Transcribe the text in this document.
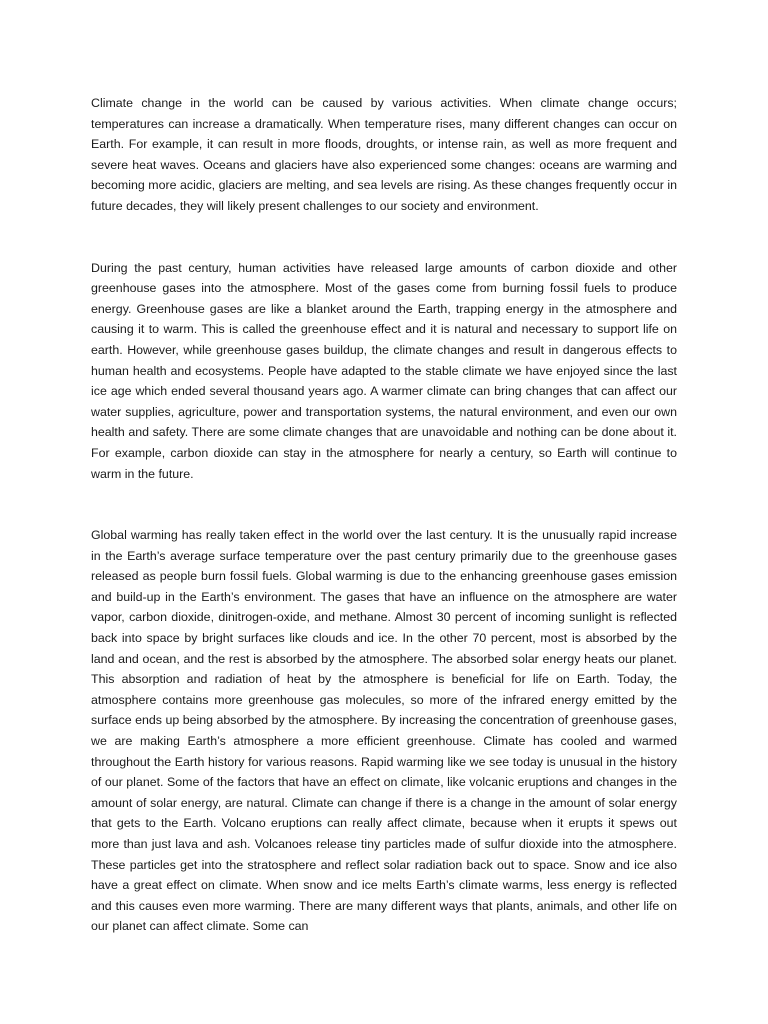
Climate change in the world can be caused by various activities. When climate change occurs; temperatures can increase a dramatically. When temperature rises, many different changes can occur on Earth. For example, it can result in more floods, droughts, or intense rain, as well as more frequent and severe heat waves. Oceans and glaciers have also experienced some changes: oceans are warming and becoming more acidic, glaciers are melting, and sea levels are rising. As these changes frequently occur in future decades, they will likely present challenges to our society and environment.

During the past century, human activities have released large amounts of carbon dioxide and other greenhouse gases into the atmosphere. Most of the gases come from burning fossil fuels to produce energy. Greenhouse gases are like a blanket around the Earth, trapping energy in the atmosphere and causing it to warm. This is called the greenhouse effect and it is natural and necessary to support life on earth. However, while greenhouse gases buildup, the climate changes and result in dangerous effects to human health and ecosystems. People have adapted to the stable climate we have enjoyed since the last ice age which ended several thousand years ago. A warmer climate can bring changes that can affect our water supplies, agriculture, power and transportation systems, the natural environment, and even our own health and safety. There are some climate changes that are unavoidable and nothing can be done about it. For example, carbon dioxide can stay in the atmosphere for nearly a century, so Earth will continue to warm in the future.

Global warming has really taken effect in the world over the last century. It is the unusually rapid increase in the Earth’s average surface temperature over the past century primarily due to the greenhouse gases released as people burn fossil fuels. Global warming is due to the enhancing greenhouse gases emission and build-up in the Earth’s environment. The gases that have an influence on the atmosphere are water vapor, carbon dioxide, dinitrogen-oxide, and methane. Almost 30 percent of incoming sunlight is reflected back into space by bright surfaces like clouds and ice. In the other 70 percent, most is absorbed by the land and ocean, and the rest is absorbed by the atmosphere. The absorbed solar energy heats our planet. This absorption and radiation of heat by the atmosphere is beneficial for life on Earth. Today, the atmosphere contains more greenhouse gas molecules, so more of the infrared energy emitted by the surface ends up being absorbed by the atmosphere. By increasing the concentration of greenhouse gases, we are making Earth’s atmosphere a more efficient greenhouse. Climate has cooled and warmed throughout the Earth history for various reasons. Rapid warming like we see today is unusual in the history of our planet. Some of the factors that have an effect on climate, like volcanic eruptions and changes in the amount of solar energy, are natural. Climate can change if there is a change in the amount of solar energy that gets to the Earth. Volcano eruptions can really affect climate, because when it erupts it spews out more than just lava and ash. Volcanoes release tiny particles made of sulfur dioxide into the atmosphere. These particles get into the stratosphere and reflect solar radiation back out to space. Snow and ice also have a great effect on climate. When snow and ice melts Earth’s climate warms, less energy is reflected and this causes even more warming. There are many different ways that plants, animals, and other life on our planet can affect climate. Some can
